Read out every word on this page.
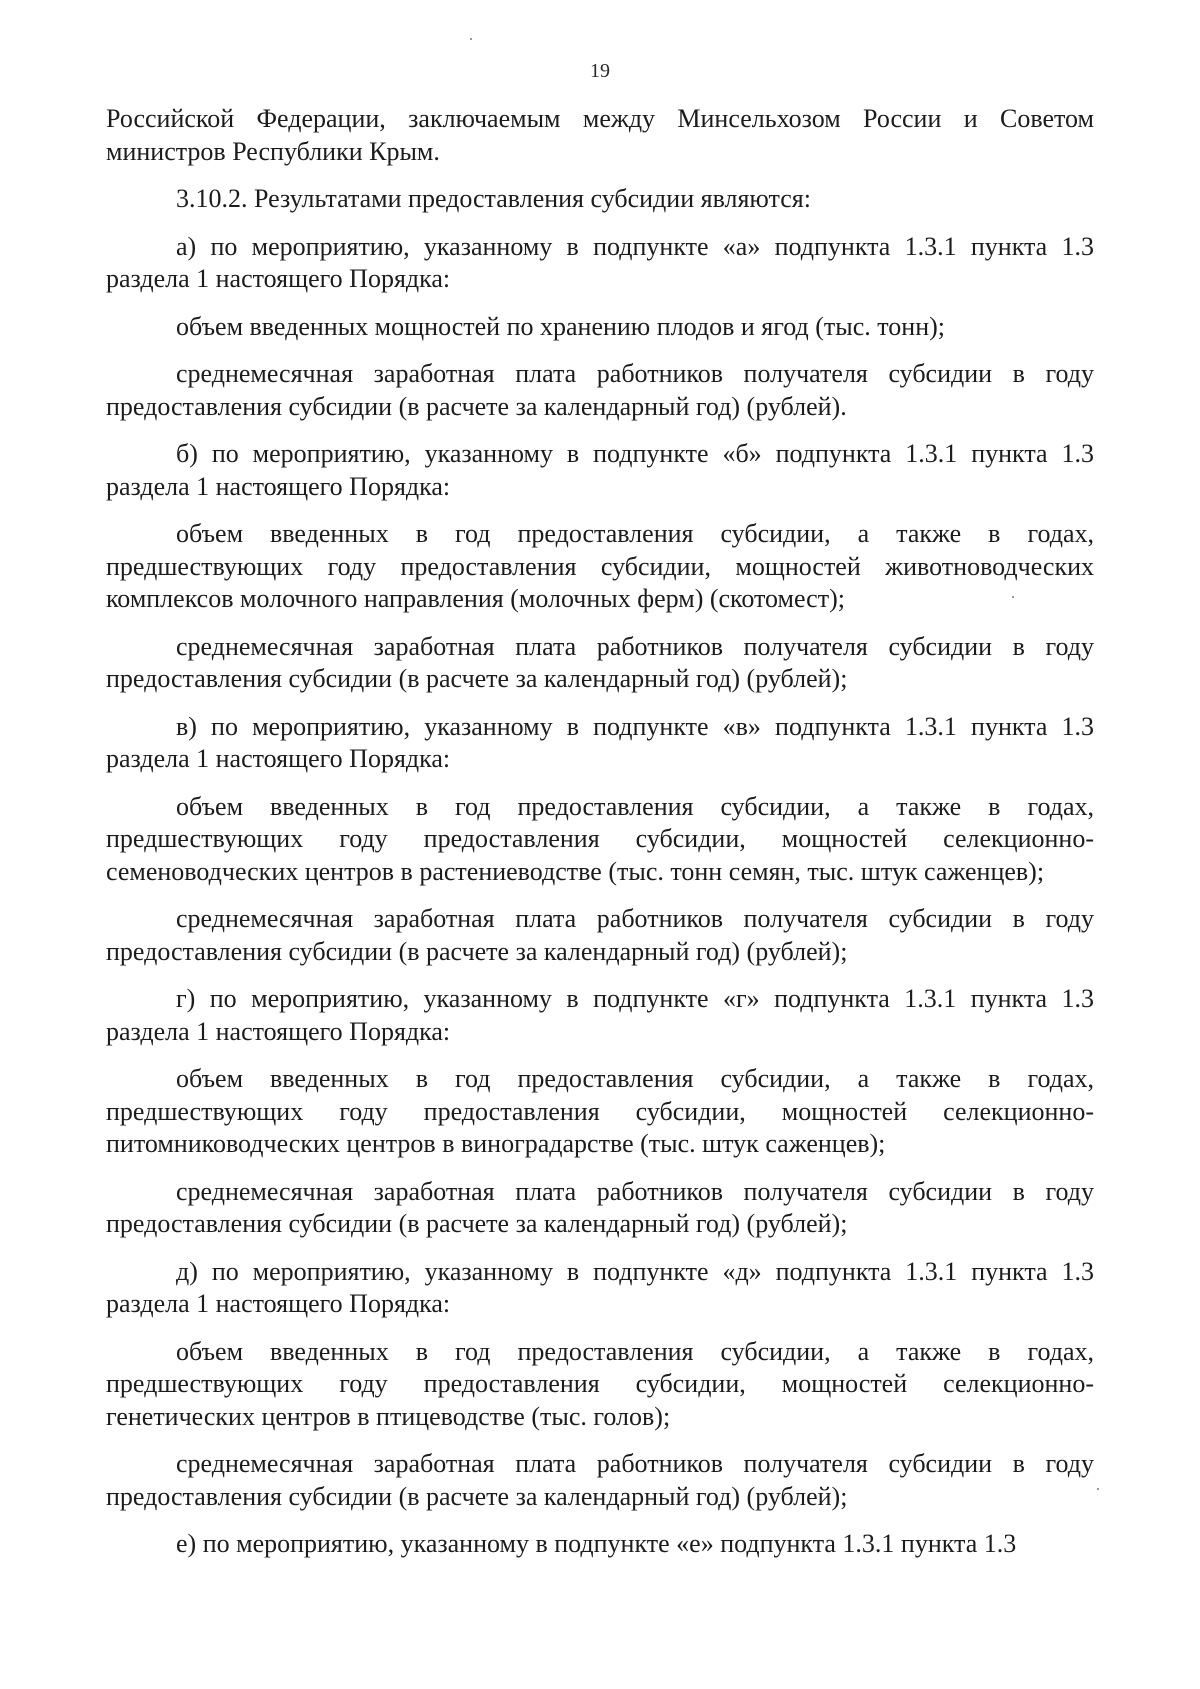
19

Российской Федерации, заключаемым между Минсельхозом России и Советом министров Республики Крым.

3.10.2. Результатами предоставления субсидии являются:

а) по мероприятию, указанному в подпункте «а» подпункта 1.3.1 пункта 1.3 раздела 1 настоящего Порядка:

объем введенных мощностей по хранению плодов и ягод (тыс. тонн);

среднемесячная заработная плата работников получателя субсидии в году предоставления субсидии (в расчете за календарный год) (рублей).

б) по мероприятию, указанному в подпункте «б» подпункта 1.3.1 пункта 1.3 раздела 1 настоящего Порядка:

объем введенных в год предоставления субсидии, а также в годах, предшествующих году предоставления субсидии, мощностей животноводческих комплексов молочного направления (молочных ферм) (скотомест);

среднемесячная заработная плата работников получателя субсидии в году предоставления субсидии (в расчете за календарный год) (рублей);

в) по мероприятию, указанному в подпункте «в» подпункта 1.3.1 пункта 1.3 раздела 1 настоящего Порядка:

объем введенных в год предоставления субсидии, а также в годах, предшествующих году предоставления субсидии, мощностей селекционно-семеноводческих центров в растениеводстве (тыс. тонн семян, тыс. штук саженцев);

среднемесячная заработная плата работников получателя субсидии в году предоставления субсидии (в расчете за календарный год) (рублей);

г) по мероприятию, указанному в подпункте «г» подпункта 1.3.1 пункта 1.3 раздела 1 настоящего Порядка:

объем введенных в год предоставления субсидии, а также в годах, предшествующих году предоставления субсидии, мощностей селекционно-питомниководческих центров в виноградарстве (тыс. штук саженцев);

среднемесячная заработная плата работников получателя субсидии в году предоставления субсидии (в расчете за календарный год) (рублей);

д) по мероприятию, указанному в подпункте «д» подпункта 1.3.1 пункта 1.3 раздела 1 настоящего Порядка:

объем введенных в год предоставления субсидии, а также в годах, предшествующих году предоставления субсидии, мощностей селекционно-генетических центров в птицеводстве (тыс. голов);

среднемесячная заработная плата работников получателя субсидии в году предоставления субсидии (в расчете за календарный год) (рублей);

е) по мероприятию, указанному в подпункте «е» подпункта 1.3.1 пункта 1.3
